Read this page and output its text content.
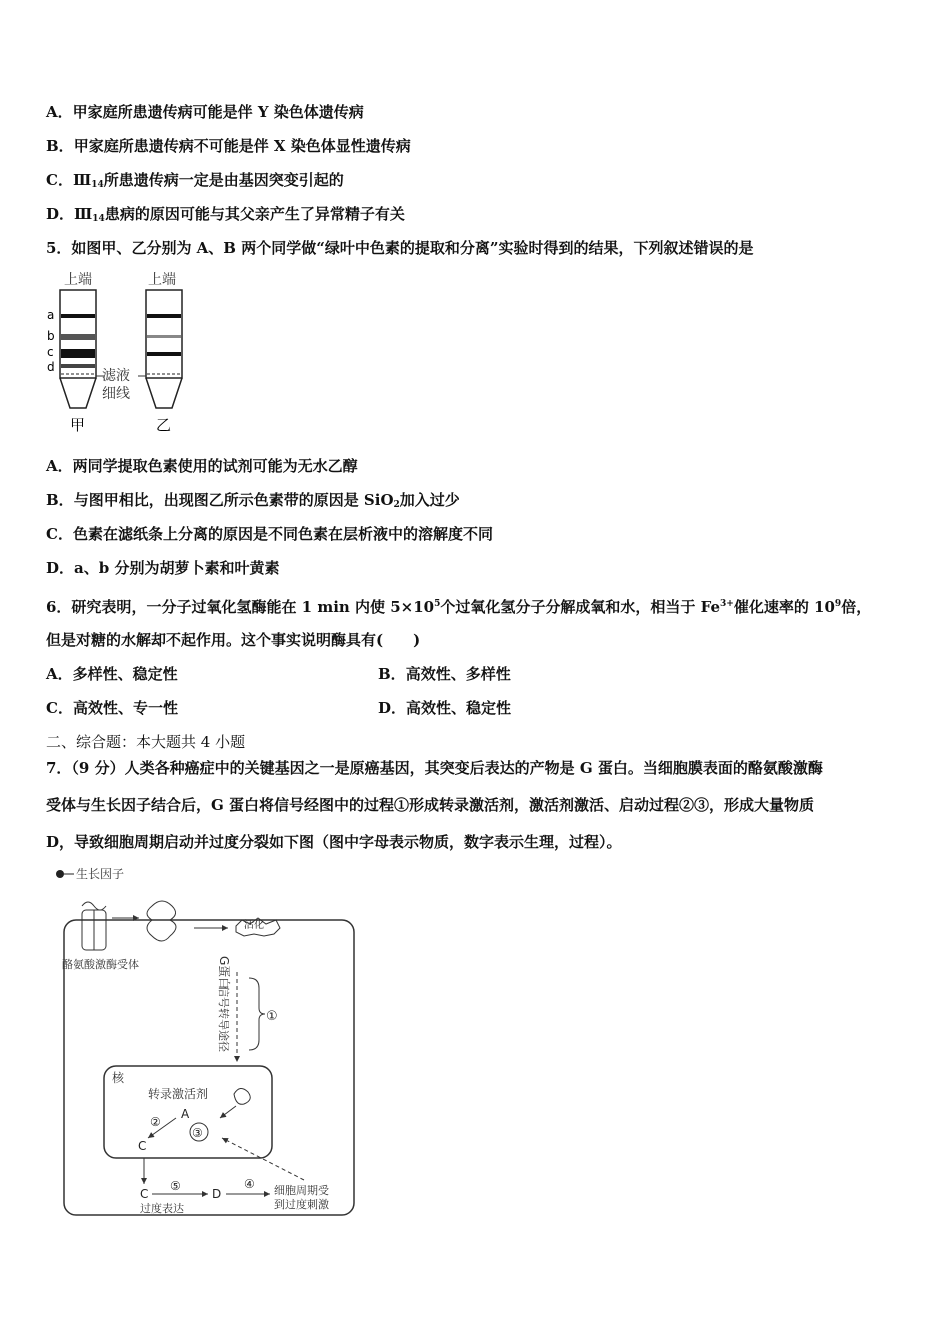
A．甲家庭所患遗传病可能是伴 Y 染色体遗传病
B．甲家庭所患遗传病不可能是伴 X 染色体显性遗传病
C．$Ⅲ_{14}$所患遗传病一定是由基因突变引起的
D．$Ⅲ_{14}$患病的原因可能与其父亲产生了异常精子有关
5．如图甲、乙分别为 A、B 两个同学做“绿叶中色素的提取和分离”实验时得到的结果，下列叙述错误的是
上端	上端
a
b
c
d
滤液
细线
甲	乙
A．两同学提取色素使用的试剂可能为无水乙醇
B．与图甲相比，出现图乙所示色素带的原因是 SiO$_2$加入过少
C．色素在滤纸条上分离的原因是不同色素在层析液中的溶解度不同
D．a、b 分别为胡萝卜素和叶黄素
6．研究表明，一分子过氧化氢酶能在 1 min 内使 $5\times 10^5$个过氧化氢分子分解成氧和水，相当于 $Fe^{3+}$催化速率的 $10^9$倍，
但是对糖的水解却不起作用。这个事实说明酶具有(　　)
A．多样性、稳定性	B．高效性、多样性
C．高效性、专一性	D．高效性、稳定性
二、综合题：本大题共 4 小题
7．（9 分）人类各种癌症中的关键基因之一是原癌基因，其突变后表达的产物是 G 蛋白。当细胞膜表面的酪氨酸激酶
受体与生长因子结合后，G 蛋白将信号经图中的过程①形成转录激活剂，激活剂激活、启动过程②③，形成大量物质
D，导致细胞周期启动并过度分裂如下图（图中字母表示物质，数字表示生理，过程）。
生长因子
酪氨酸激酶受体
活化
G蛋白
信号转导途径	①
核
转录激活剂
A
③
②
C
C
过度表达
⑤
D
④ 细胞周期受
到过度刺激
